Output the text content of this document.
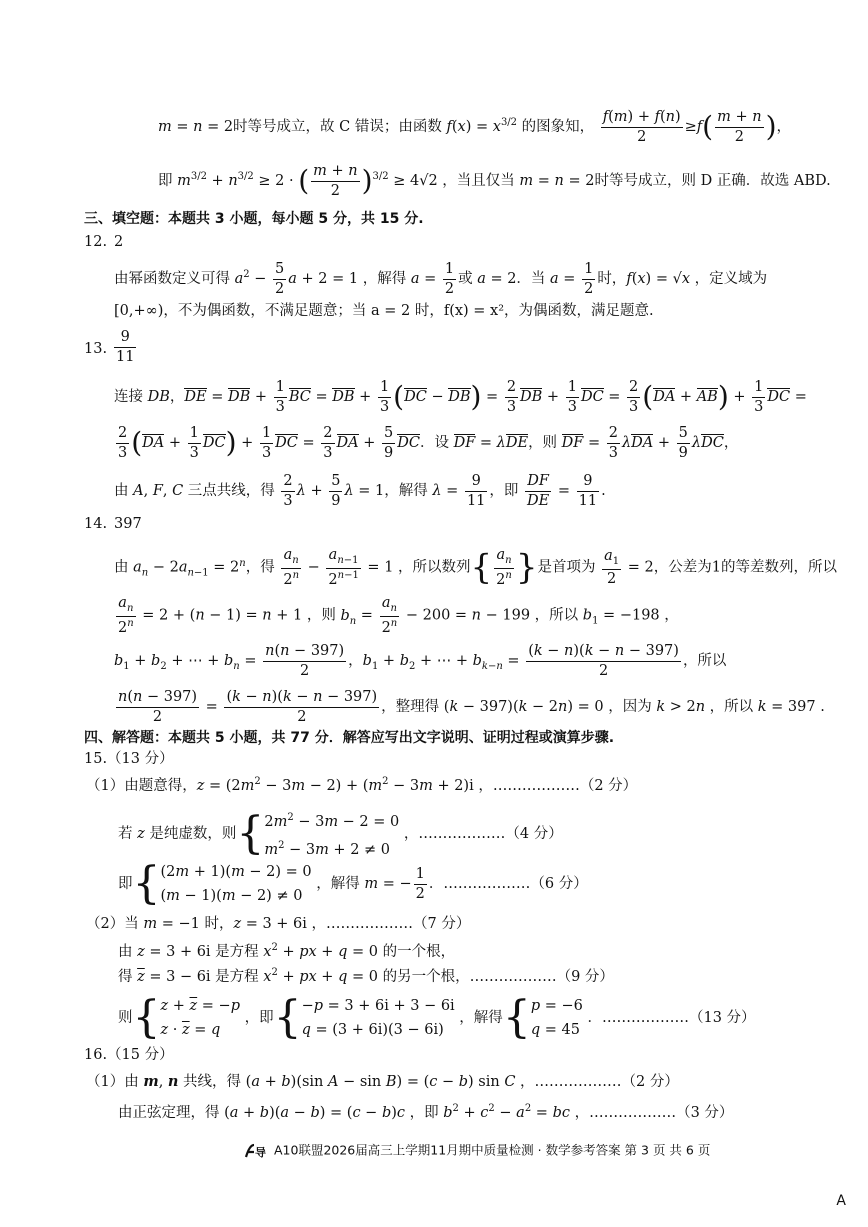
m = n = 2时等号成立，故 C 错误；由函数 $f(x) = x^{3/2}$ 的图象知， $\frac{f(m) + f(n)}{2} \ge f( \frac{m + n}{2}$ )，
即 $m^{3/2} + n^{3/2} \ge 2$ · ( $\frac{m + n}{2} )^{3/2} \ge 4√2$ ，当且仅当 m = n = 2时等号成立，则 D 正确．故选 ABD.
三、填空题：本题共 3 小题，每小题 5 分，共 15 分.
12. 2
由幂函数定义可得 $a^2 - \frac{5}{2}$ a + 2 = 1 ，解得 $a = \frac{1}{2}$ 或 a = 2．当 $a = \frac{1}{2}$ 时，f(x) = √x ，定义域为
[0,+∞)，不为偶函数，不满足题意；当 a = 2 时，f(x) = x²，为偶函数，满足题意.
13. $\frac{9}{11}$
连接 DB，DE = DB + $\frac{1}{3}$ BC = DB + $\frac{1}{3} (DC - DB) = \frac{2}{3}$ DB + $\frac{1}{3}$ DC = $\frac{2}{3} (DA + AB) + \frac{1}{3}$ DC =
$\frac{2}{3} (DA + \frac{1}{3} DC) + \frac{1}{3}$ DC = $\frac{2}{3}$ DA + $\frac{5}{9}$ DC．设 DF = λDE，则 DF = $\frac{2}{3}$ $\lambda DA + \frac{5}{9}$ λDC，
由 A, F, C 三点共线，得 $\frac{2}{3}$ $\lambda + \frac{5}{9}$ λ = 1，解得 $\lambda = \frac{9}{11}$ ，即 $\frac{DF}{DE} = \frac{9}{11}$ .
14. 397
由 $a_n - 2a_{n-1} = 2^n$，得 $\frac{a_n}{2^n} - \frac{a_{n-1}}{2^{n-1}} = 1$ ，所以数列{ $\frac{a_n}{2^n}$ }是首项为 $\frac{a_1}{2} = 2$，公差为1的等差数列，所以
$\frac{a_n}{2^n} = 2 + (n - 1) = n + 1$ ，则 $b_n = \frac{a_n}{2^n} - 200 = n - 199$ ，所以 $b_1 = -198$ ，
$b_1 + b_2$ + ⋯ + $b_n = \frac{n(n - 397)}{2}$ ，$b_1 + b_2$ + ⋯ + $b_{k-n} = \frac{(k - n)(k - n - 397)}{2}$ ，所以
$\frac{n(n - 397)}{2} = \frac{(k - n)(k - n - 397)}{2}$ ，整理得 (k − 397)(k − 2n) = 0 ，因为 k > 2n ，所以 k = 397 .
四、解答题：本题共 5 小题，共 77 分．解答应写出文字说明、证明过程或演算步骤.
15.（13 分）
（1）由题意得，$z = (2m^2 - 3m - 2) + (m^2 - 3m + 2)i$ ，………………（2 分）
若 z 是纯虚数，则{$2m^2 - 3m - 2 = 0$
$m^2 - 3m + 2 \ne 0$ ，………………（4 分）
即{(2m + 1)(m − 2) = 0
(m − 1)(m − 2) ≠ 0 ，解得 m = − $\frac{1}{2}$ ．………………（6 分）
（2）当 m = −1 时，z = 3 + 6i ，………………（7 分）
由 z = 3 + 6i 是方程 $x^2$ + px + q = 0 的一个根，
得 $\overline{z} = 3 - 6i$ 是方程 $x^2$ + px + q = 0 的另一个根，………………（9 分）
则{$z + \overline{z} = -p$
$z \cdot \overline{z} = q$ ，即{−p = 3 + 6i + 3 − 6i
q = (3 + 6i)(3 − 6i) ，解得{p = −6
q = 45 ．………………（13 分）
16.（15 分）
（1）由 m, n 共线，得 (a + b)(sin A − sin B) = (c − b) sin C ，………………（2 分）
由正弦定理，得 (a + b)(a − b) = (c − b)c ，即 $b^2 + c^2 - a^2$ = bc ，………………（3 分）
导 A10联盟2026届高三上学期11月期中质量检测 · 数学参考答案 第 3 页 共 6 页
A
